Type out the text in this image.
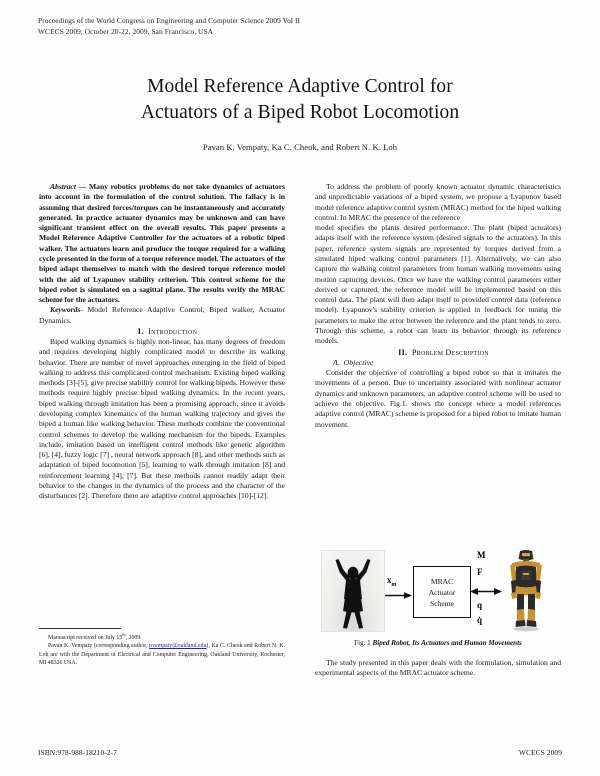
Proceedings of the World Congress on Engineering and Computer Science 2009 Vol II
WCECS 2009, October 20-22, 2009, San Francisco, USA
Model Reference Adaptive Control for
Actuators of a Biped Robot Locomotion
Pavan K. Vempaty, Ka C. Cheok, and Robert N. K. Loh

Abstract — Many robotics problems do not take dynamics of actuators into account in the formulation of the control solution. The fallacy is in assuming that desired forces/torques can be instantaneously and accurately generated. In practice actuator dynamics may be unknown and can have significant transient effect on the overall results. This paper presents a Model Reference Adaptive Controller for the actuators of a robotic biped walker. The actuators learn and produce the torque required for a walking cycle presented in the form of a torque reference model. The actuators of the biped adapt themselves to match with the desired torque reference model with the aid of Lyapunov stability criterion. This control scheme for the biped robot is simulated on a sagittal plane. The results verify the MRAC scheme for the actuators.

Keywords- Model Reference Adaptive Control, Biped walker, Actuator Dynamics.

I. Introduction

Biped walking dynamics is highly non-linear, has many degrees of freedom and requires developing highly complicated model to describe its walking behavior. There are number of novel approaches emerging in the field of biped walking to address this complicated control mechanism. Existing biped walking methods [3]-[5], give precise stability control for walking bipeds. However these methods require highly precise biped walking dynamics. In the recent years, biped walking through imitation has been a promising approach, since it avoids developing complex kinematics of the human walking trajectory and gives the biped a human like walking behavior. These methods combine the conventional control schemes to develop the walking mechanism for the bipeds. Examples include, imitation based on intelligent control methods like genetic algorithm [6], [4], fuzzy logic [7] , neural network approach [8], and other methods such as adaptation of biped locomotion [5], learning to walk through imitation [8] and reinforcement learning [4], [7]. But these methods cannot readily adapt their behavior to the changes in the dynamics of the process and the character of the disturbances [2]. Therefore there are adaptive control approaches [10]-[12].

Manuscript received on July 15th, 2009.

Pavan K. Vempaty (corresponding author, pvempaty@oakland.edu), Ka C. Cheok and Robert N. K. Loh are with the Department of Electrical and Computer Engineering, Oakland University, Rochester, MI 48326 USA.

To address the problem of poorly known actuator dynamic characteristics and unpredictable variations of a biped system, we propose a Lyapunov based model reference adaptive control system (MRAC) method for the biped walking control. In MRAC the presence of the reference

model specifies the plants desired performance. The plant (biped actuators) adapts itself with the reference system (desired signals to the actuators). In this paper, reference system signals are represented by torques derived from a simulated biped walking control parameters [1]. Alternatively, we can also capture the walking control parameters from human walking movements using motion capturing devices. Once we have the walking control parameters either derived or captured, the reference model will be implemented based on this control data. The plant will then adapt itself to provided control data (reference model). Lyapunov's stability criterion is applied in feedback for tuning the parameters to make the error between the reference and the plant tends to zero. Through this scheme, a robot can learn its behavior through its reference models.

II. Problem Description

A. Objective

Consider the objective of controlling a biped robot so that it imitates the movements of a person. Due to uncertainty associated with nonlinear actuator dynamics and unknown parameters, an adaptive control scheme will be used to achieve the objective. Fig.1. shows the concept where a model references adaptive control (MRAC) scheme is proposed for a biped robot to imitate human movement.

$x_m$	MRAC
Actuator
Scheme
M
F
q
q̇
Fig. 1 Biped Robot, Its Actuators and Human Movements

The study presented in this paper deals with the formulation, simulation and experimental aspects of the MRAC actuator scheme.

ISBN:978-988-18210-2-7	WCECS 2009
